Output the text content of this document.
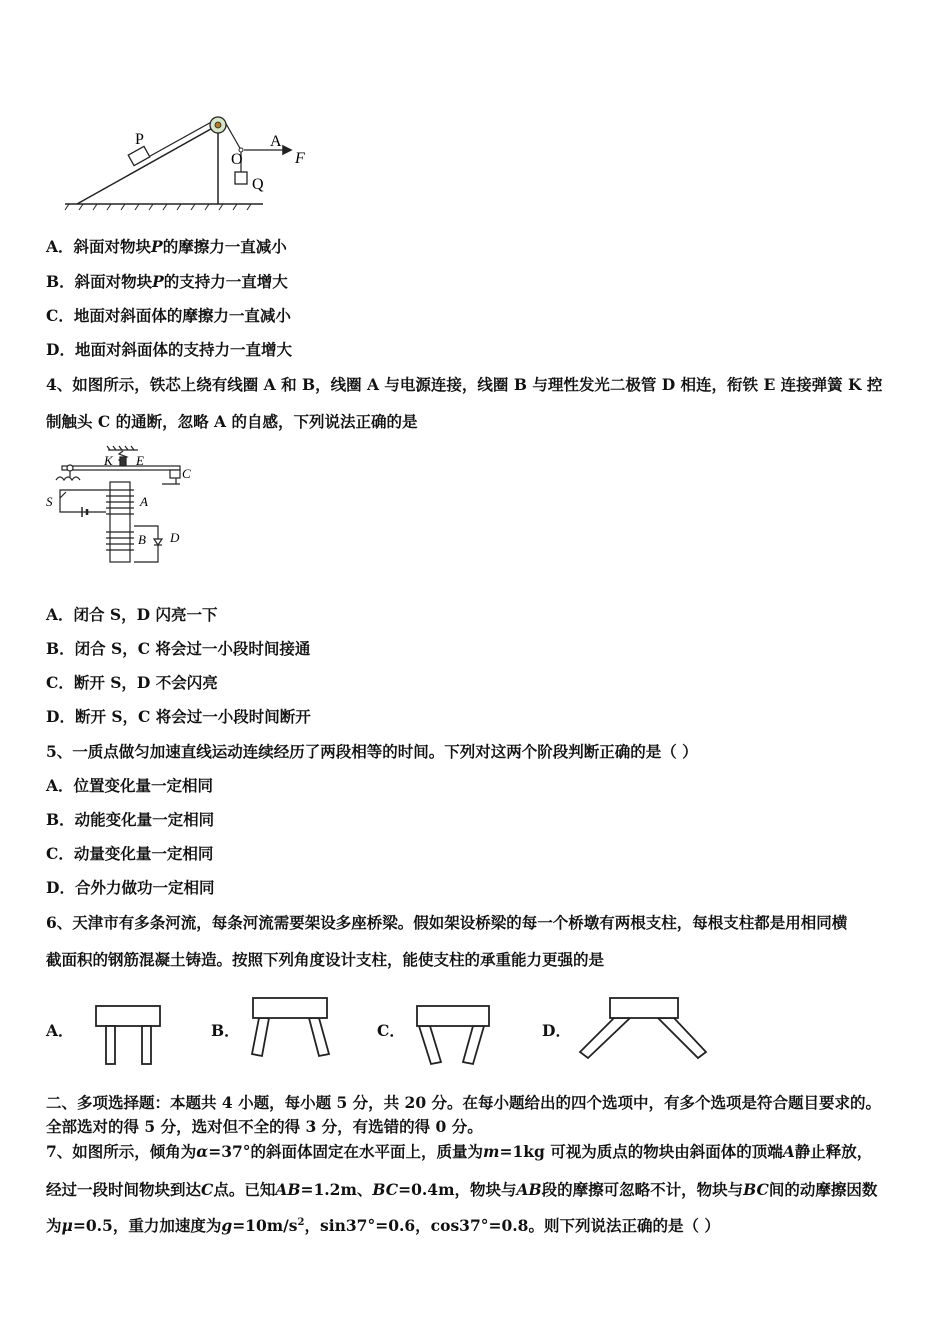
P
O
A
F
Q
A．斜面对物块P的摩擦力一直减小
B．斜面对物块P的支持力一直增大
C．地面对斜面体的摩擦力一直减小
D．地面对斜面体的支持力一直增大
4、如图所示，铁芯上绕有线圈 A 和 B，线圈 A 与电源连接，线圈 B 与理性发光二极管 D 相连，衔铁 E 连接弹簧 K 控
制触头 C 的通断，忽略 A 的自感，下列说法正确的是
K E
C
S	A
B D
A．闭合 S，D 闪亮一下
B．闭合 S，C 将会过一小段时间接通
C．断开 S，D 不会闪亮
D．断开 S，C 将会过一小段时间断开
5、一质点做匀加速直线运动连续经历了两段相等的时间。下列对这两个阶段判断正确的是（ ）
A．位置变化量一定相同
B．动能变化量一定相同
C．动量变化量一定相同
D．合外力做功一定相同
6、天津市有多条河流，每条河流需要架设多座桥梁。假如架设桥梁的每一个桥墩有两根支柱，每根支柱都是用相同横
截面积的钢筋混凝土铸造。按照下列角度设计支柱，能使支柱的承重能力更强的是
A．	B．	C．	D．
二、多项选择题：本题共 4 小题，每小题 5 分，共 20 分。在每小题给出的四个选项中，有多个选项是符合题目要求的。
全部选对的得 5 分，选对但不全的得 3 分，有选错的得 0 分。
7、如图所示，倾角为α=37°的斜面体固定在水平面上，质量为m=1kg 可视为质点的物块由斜面体的顶端A静止释放，
经过一段时间物块到达C点。已知AB=1.2m、BC=0.4m，物块与AB段的摩擦可忽略不计，物块与BC间的动摩擦因数
为μ=0.5，重力加速度为$g=10m/s^2$，sin37°=0.6，cos37°=0.8。则下列说法正确的是（ ）
